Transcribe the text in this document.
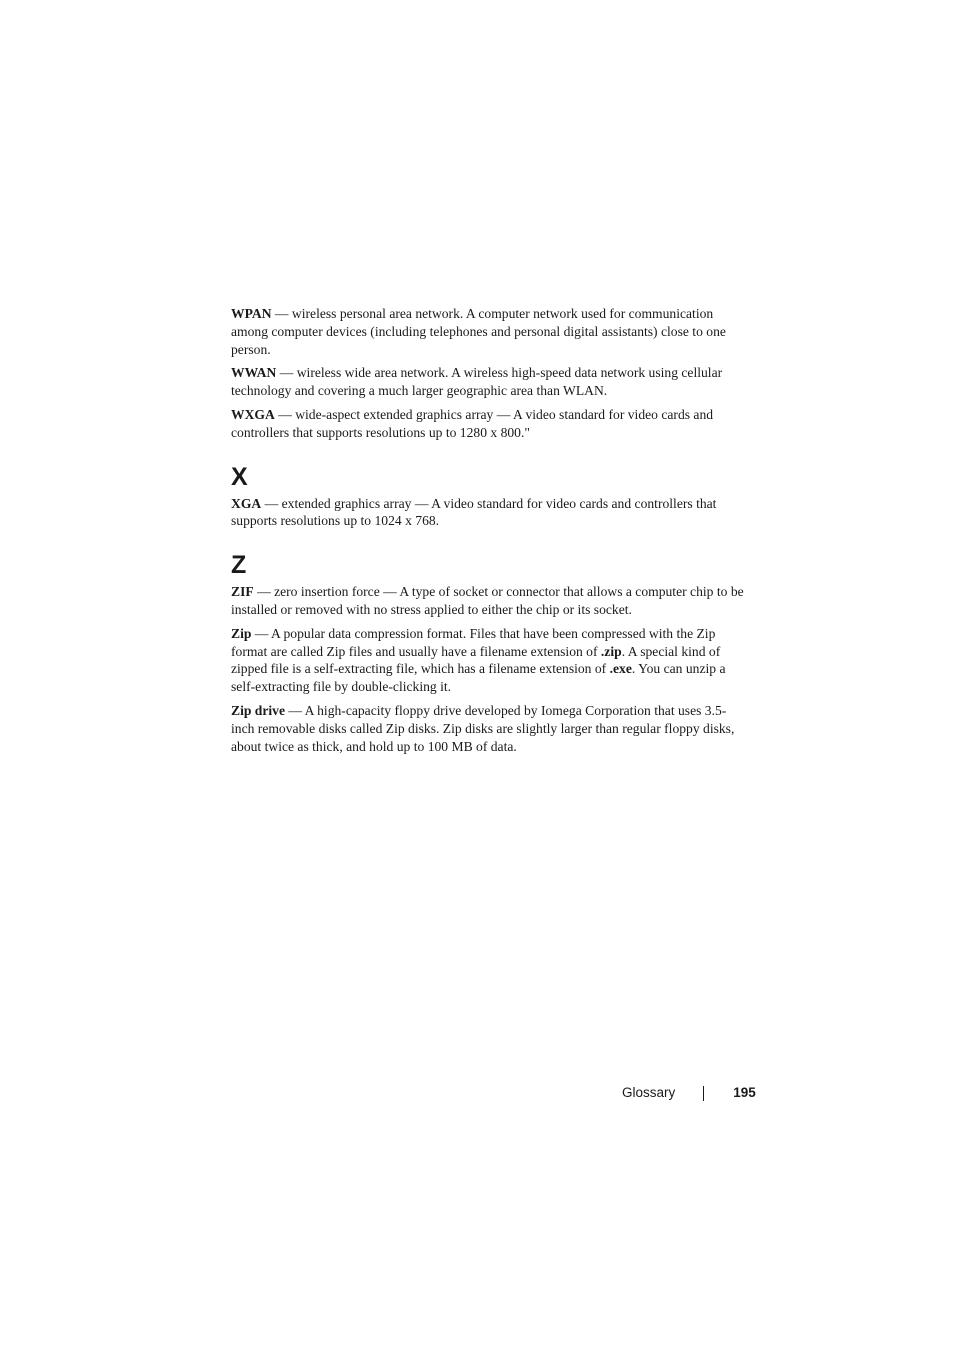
WPAN — wireless personal area network. A computer network used for communication among computer devices (including telephones and personal digital assistants) close to one person.

WWAN — wireless wide area network. A wireless high-speed data network using cellular technology and covering a much larger geographic area than WLAN.

WXGA — wide-aspect extended graphics array — A video standard for video cards and controllers that supports resolutions up to 1280 x 800."

X

XGA — extended graphics array — A video standard for video cards and controllers that supports resolutions up to 1024 x 768.

Z

ZIF — zero insertion force — A type of socket or connector that allows a computer chip to be installed or removed with no stress applied to either the chip or its socket.

Zip — A popular data compression format. Files that have been compressed with the Zip format are called Zip files and usually have a filename extension of .zip. A special kind of zipped file is a self-extracting file, which has a filename extension of .exe. You can unzip a self-extracting file by double-clicking it.

Zip drive — A high-capacity floppy drive developed by Iomega Corporation that uses 3.5-inch removable disks called Zip disks. Zip disks are slightly larger than regular floppy disks, about twice as thick, and hold up to 100 MB of data.

Glossary	195
